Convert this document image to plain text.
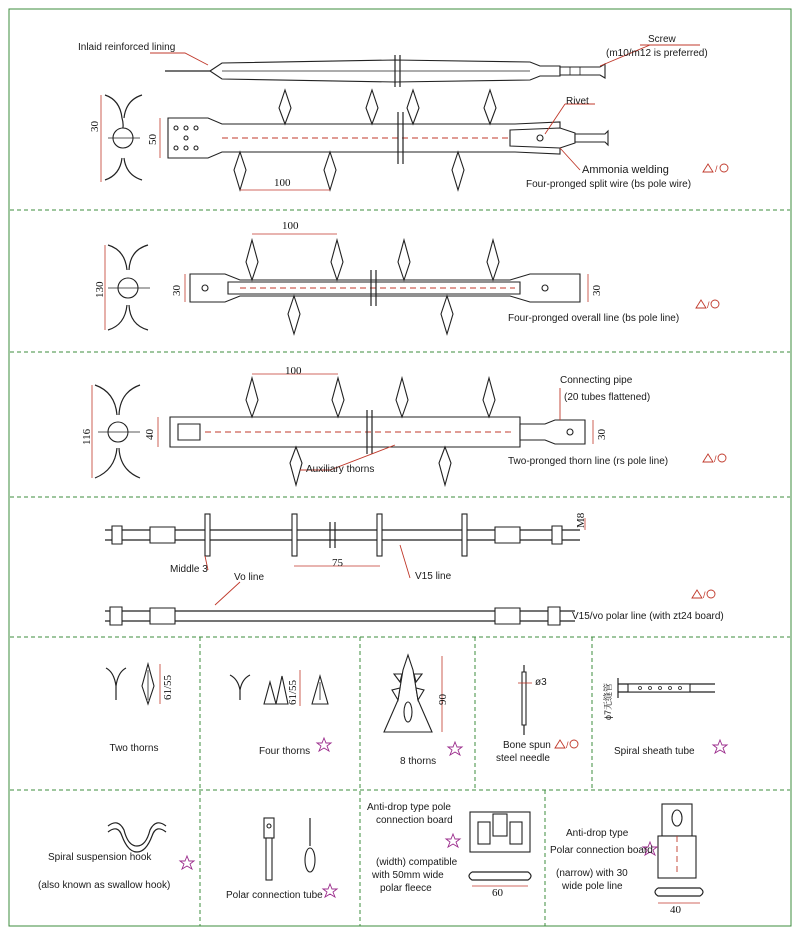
/
/
/
/
/
Inlaid reinforced lining
Screw
(m10/m12 is preferred)
Rivet
Ammonia welding
Four-pronged split wire (bs pole wire)
30
50
100
100
130	30	30
Four-pronged overall line (bs pole line)
100
Connecting pipe
(20 tubes flattened)
116	40	30
Auxiliary thorns
Two-pronged thorn line (rs pole line)
M8
Middle 3
75
V15 line
Vo line
V15/vo polar line (with zt24 board)
61/55
Two thorns
61/55
Four thorns
90
8 thorns
ø3
Bone spun
steel needle
ϕ7无缝管
Spiral sheath tube
Spiral suspension hook
(also known as swallow hook)
Polar connection tube
Anti-drop type pole
connection board
(width) compatible
with 50mm wide
polar fleece	60
Anti-drop type
Polar connection board
(narrow) with 30
wide pole line
40
